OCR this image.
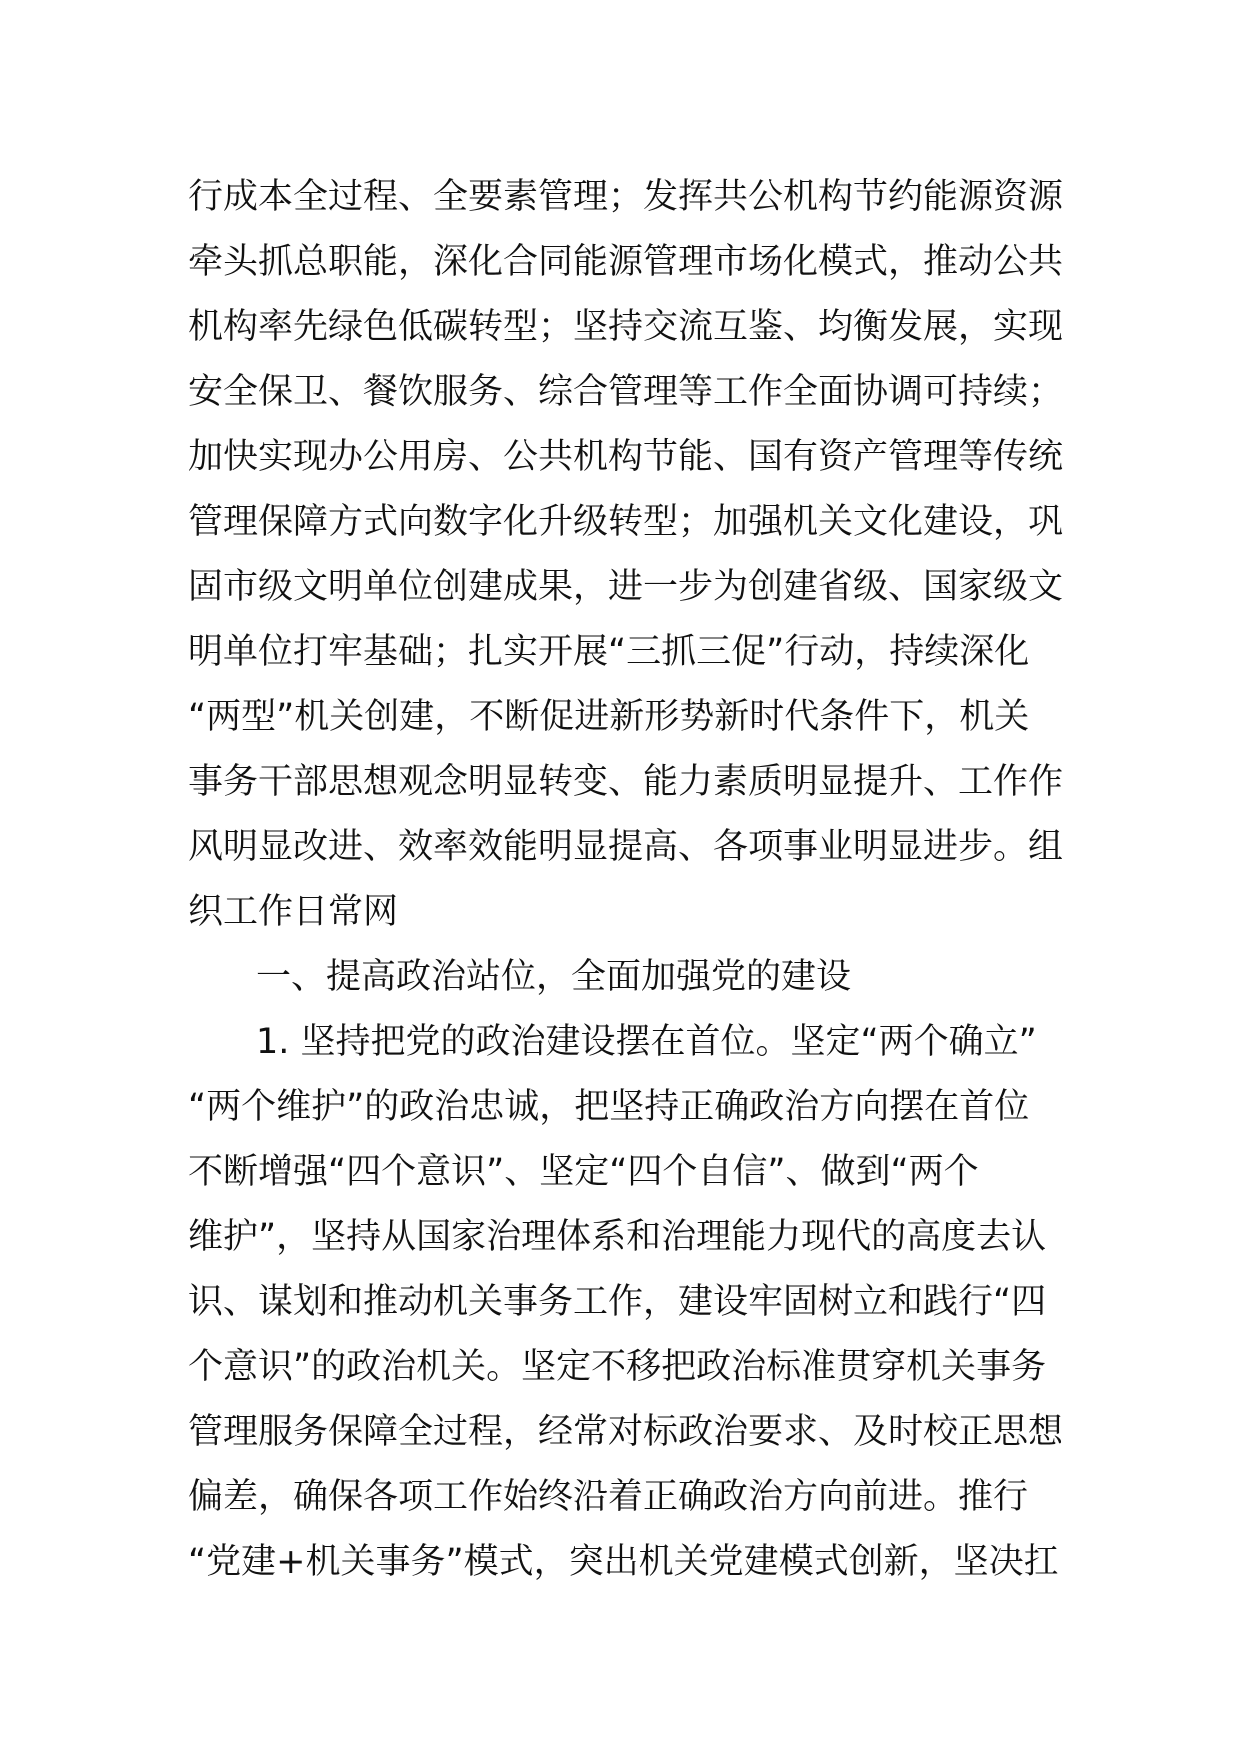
行成本全过程、全要素管理；发挥共公机构节约能源资源
牵头抓总职能，深化合同能源管理市场化模式，推动公共
机构率先绿色低碳转型；坚持交流互鉴、均衡发展，实现
安全保卫、餐饮服务、综合管理等工作全面协调可持续；
加快实现办公用房、公共机构节能、国有资产管理等传统
管理保障方式向数字化升级转型；加强机关文化建设，巩
固市级文明单位创建成果，进一步为创建省级、国家级文
明单位打牢基础；扎实开展“三抓三促”行动，持续深化
“两型”机关创建，不断促进新形势新时代条件下，机关
事务干部思想观念明显转变、能力素质明显提升、工作作
风明显改进、效率效能明显提高、各项事业明显进步。组
织工作日常网
一、提高政治站位，全面加强党的建设
1. 坚持把党的政治建设摆在首位。坚定“两个确立”
“两个维护”的政治忠诚，把坚持正确政治方向摆在首位
不断增强“四个意识”、坚定“四个自信”、做到“两个
维护”，坚持从国家治理体系和治理能力现代的高度去认
识、谋划和推动机关事务工作，建设牢固树立和践行“四
个意识”的政治机关。坚定不移把政治标准贯穿机关事务
管理服务保障全过程，经常对标政治要求、及时校正思想
偏差，确保各项工作始终沿着正确政治方向前进。推行
“党建+机关事务”模式，突出机关党建模式创新，坚决扛
